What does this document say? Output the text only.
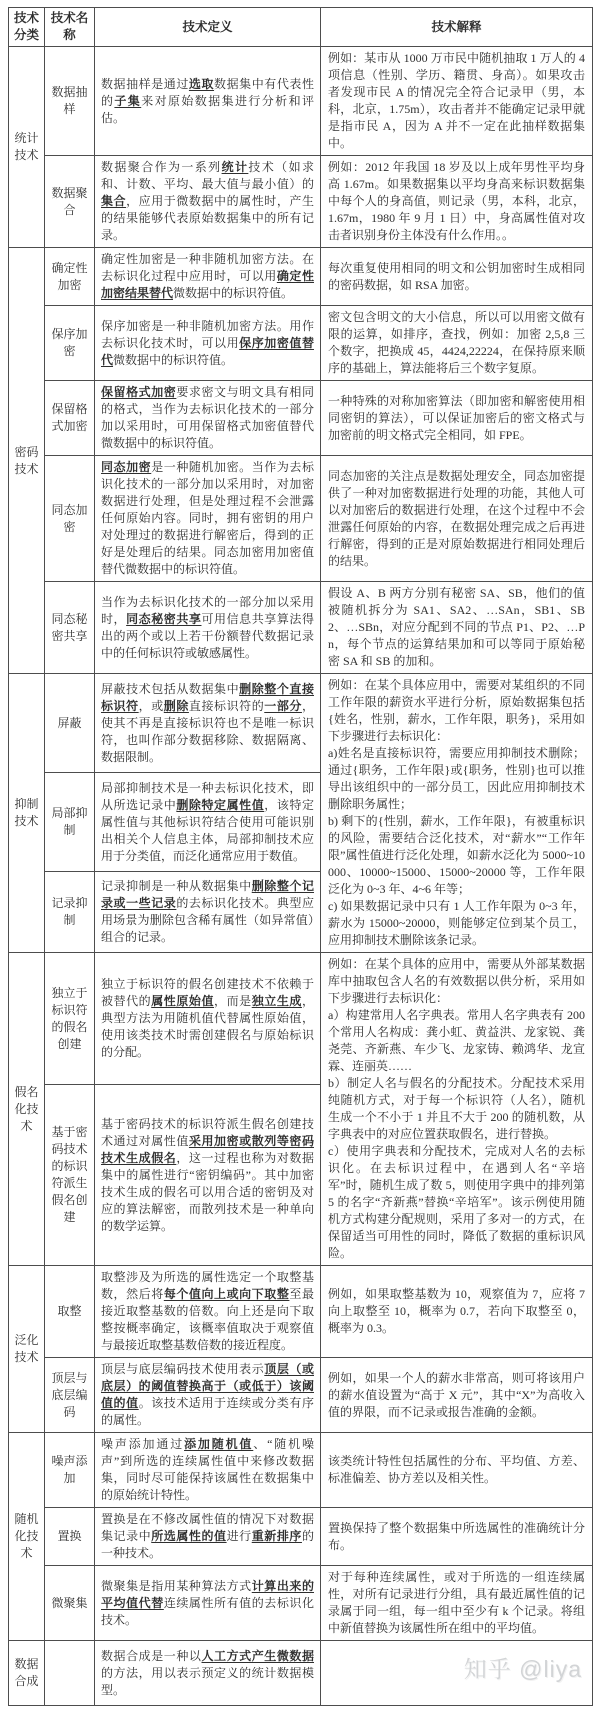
技术分类	技术名称	技术定义	技术解释
统计技术	数据抽样	数据抽样是通过选取数据集中有代表性的子集来对原始数据集进行分析和评估。	例如：某市从 1000 万市民中随机抽取 1 万人的 4 项信息（性别、学历、籍贯、身高）。如果攻击者发现市民 A 的情况完全符合记录甲（男，本科，北京，1.75m），攻击者并不能确定记录甲就是指市民 A，因为 A 并不一定在此抽样数据集中。

	数据聚合	数据聚合作为一系列统计技术（如求和、计数、平均、最大值与最小值）的集合，应用于微数据中的属性时，产生的结果能够代表原始数据集中的所有记录。	例如：2012 年我国 18 岁及以上成年男性平均身高 1.67m。如果数据集以平均身高来标识数据集中每个人的身高值，则记录（男，本科，北京，1.67m，1980 年 9 月 1 日）中，身高属性值对攻击者识别身份主体没有什么作用。。

密码技术	确定性加密	确定性加密是一种非随机加密方法。在去标识化过程中应用时，可以用确定性加密结果替代微数据中的标识符值。	每次重复使用相同的明文和公钥加密时生成相同的密码数据，如 RSA 加密。

	保序加密	保序加密是一种非随机加密方法。用作去标识化技术时，可以用保序加密值替代微数据中的标识符值。	密文包含明文的大小信息，所以可以用密文做有限的运算，如排序，查找，例如：加密 2,5,8 三个数字，把换成 45，4424,22224，在保持原来顺序的基础上，算法能将后三个数字复原。

	保留格式加密	保留格式加密要求密文与明文具有相同的格式，当作为去标识化技术的一部分加以采用时，可用保留格式加密值替代微数据中的标识符值。	一种特殊的对称加密算法（即加密和解密使用相同密钥的算法），可以保证加密后的密文格式与加密前的明文格式完全相同，如 FPE。

	同态加密	同态加密是一种随机加密。当作为去标识化技术的一部分加以采用时，对加密数据进行处理，但是处理过程不会泄露任何原始内容。同时，拥有密钥的用户对处理过的数据进行解密后，得到的正好是处理后的结果。同态加密用加密值替代微数据中的标识符值。	同态加密的关注点是数据处理安全，同态加密提供了一种对加密数据进行处理的功能，其他人可以对加密后的数据进行处理，在这个过程中不会泄露任何原始的内容，在数据处理完成之后再进行解密，得到的正是对原始数据进行相同处理后的结果。

	同态秘密共享	当作为去标识化技术的一部分加以采用时，同态秘密共享可用信息共享算法得出的两个或以上若干份额替代数据记录中的任何标识符或敏感属性。	假设 A、B 两方分别有秘密 SA、SB，他们的值被随机拆分为 SA1、SA2、…SAn，SB1、SB2、…SBn，对应分配到不同的节点 P1、P2、…Pn，每个节点的运算结果加和可以等同于原始秘密 SA 和 SB 的加和。

抑制技术	屏蔽	屏蔽技术包括从数据集中删除整个直接标识符，或删除直接标识符的一部分，使其不再是直接标识符也不是唯一标识符，也叫作部分数据移除、数据隔离、数据限制。	例如：在某个具体应用中，需要对某组织的不同工作年限的薪资水平进行分析，原始数据集包括{姓名，性别，薪水，工作年限，职务}，采用如下步骤进行去标识化：
a)姓名是直接标识符，需要应用抑制技术删除；通过{职务，工作年限}或{职务，性别}也可以推导出该组织中的一部分员工，因此应用抑制技术删除职务属性；
b) 剩下的{性别，薪水，工作年限}，有被重标识的风险，需要结合泛化技术，对“薪水”“工作年限”属性值进行泛化处理，如薪水泛化为 5000~10000、10000~15000、15000~20000 等，工作年限泛化为 0~3 年、4~6 年等；
c) 如果数据记录中只有 1 人工作年限为 0~3 年，薪水为 15000~20000，则能够定位到某个员工，应用抑制技术删除该条记录。

	局部抑制	局部抑制技术是一种去标识化技术，即从所选记录中删除特定属性值，该特定属性值与其他标识符结合使用可能识别出相关个人信息主体，局部抑制技术应用于分类值，而泛化通常应用于数值。	
	记录抑制	记录抑制是一种从数据集中删除整个记录或一些记录的去标识化技术。典型应用场景为删除包含稀有属性（如异常值）组合的记录。	
假名化技术	独立于标识符的假名创建	独立于标识符的假名创建技术不依赖于被替代的属性原始值，而是独立生成，典型方法为用随机值代替属性原始值，使用该类技术时需创建假名与原始标识的分配。	例如：在某个具体的应用中，需要从外部某数据库中抽取包含人名的有效数据以供分析，采用如下步骤进行去标识化：
a）构建常用人名字典表。常用人名字典表有 200 个常用人名构成：龚小虹、黄益洪、龙家锐、龚尧莞、齐新燕、车少飞、龙家铸、赖鸿华、龙宣霖、连丽英……
b）制定人名与假名的分配技术。分配技术采用纯随机方式，对于每一个标识符（人名），随机生成一个不小于 1 并且不大于 200 的随机数，从字典表中的对应位置获取假名，进行替换。
c）使用字典表和分配技术，完成对人名的去标识化。在去标识过程中，在遇到人名“辛培军”时，随机生成了数 5，则使用字典中的排列第 5 的名字“齐新燕”替换“辛培军”。该示例使用随机方式构建分配规则，采用了多对一的方式，在保留适当可用性的同时，降低了数据的重标识风险。

	基于密码技术的标识符派生假名创建	基于密码技术的标识符派生假名创建技术通过对属性值采用加密或散列等密码技术生成假名，这一过程也称为对数据集中的属性进行“密钥编码”。其中加密技术生成的假名可以用合适的密钥及对应的算法解密，而散列技术是一种单向的数学运算。	
泛化技术	取整	取整涉及为所选的属性选定一个取整基数，然后将每个值向上或向下取整至最接近取整基数的倍数。向上还是向下取整按概率确定，该概率值取决于观察值与最接近取整基数倍数的接近程度。	例如，如果取整基数为 10，观察值为 7，应将 7 向上取整至 10，概率为 0.7，若向下取整至 0，概率为 0.3。

	顶层与底层编码	顶层与底层编码技术使用表示顶层（或底层）的阈值替换高于（或低于）该阈值的值。该技术适用于连续或分类有序的属性。	例如，如果一个人的薪水非常高，则可将该用户的薪水值设置为“高于 X 元”，其中“X”为高收入值的界限，而不记录或报告准确的金额。

随机化技术	噪声添加	噪声添加通过添加随机值、“随机噪声”到所选的连续属性值中来修改数据集，同时尽可能保持该属性在数据集中的原始统计特性。	该类统计特性包括属性的分布、平均值、方差、标准偏差、协方差以及相关性。

	置换	置换是在不修改属性值的情况下对数据集记录中所选属性的值进行重新排序的一种技术。	置换保持了整个数据集中所选属性的准确统计分布。

	微聚集	微聚集是指用某种算法方式计算出来的平均值代替连续属性所有值的去标识化技术。	对于每种连续属性，或对于所选的一组连续属性，对所有记录进行分组，具有最近属性值的记录属于同一组，每一组中至少有 k 个记录。将组中新值替换为该属性所在组中的平均值。

数据合成		数据合成是一种以人工方式产生微数据的方法，用以表示预定义的统计数据模型。	
知乎 @liya
